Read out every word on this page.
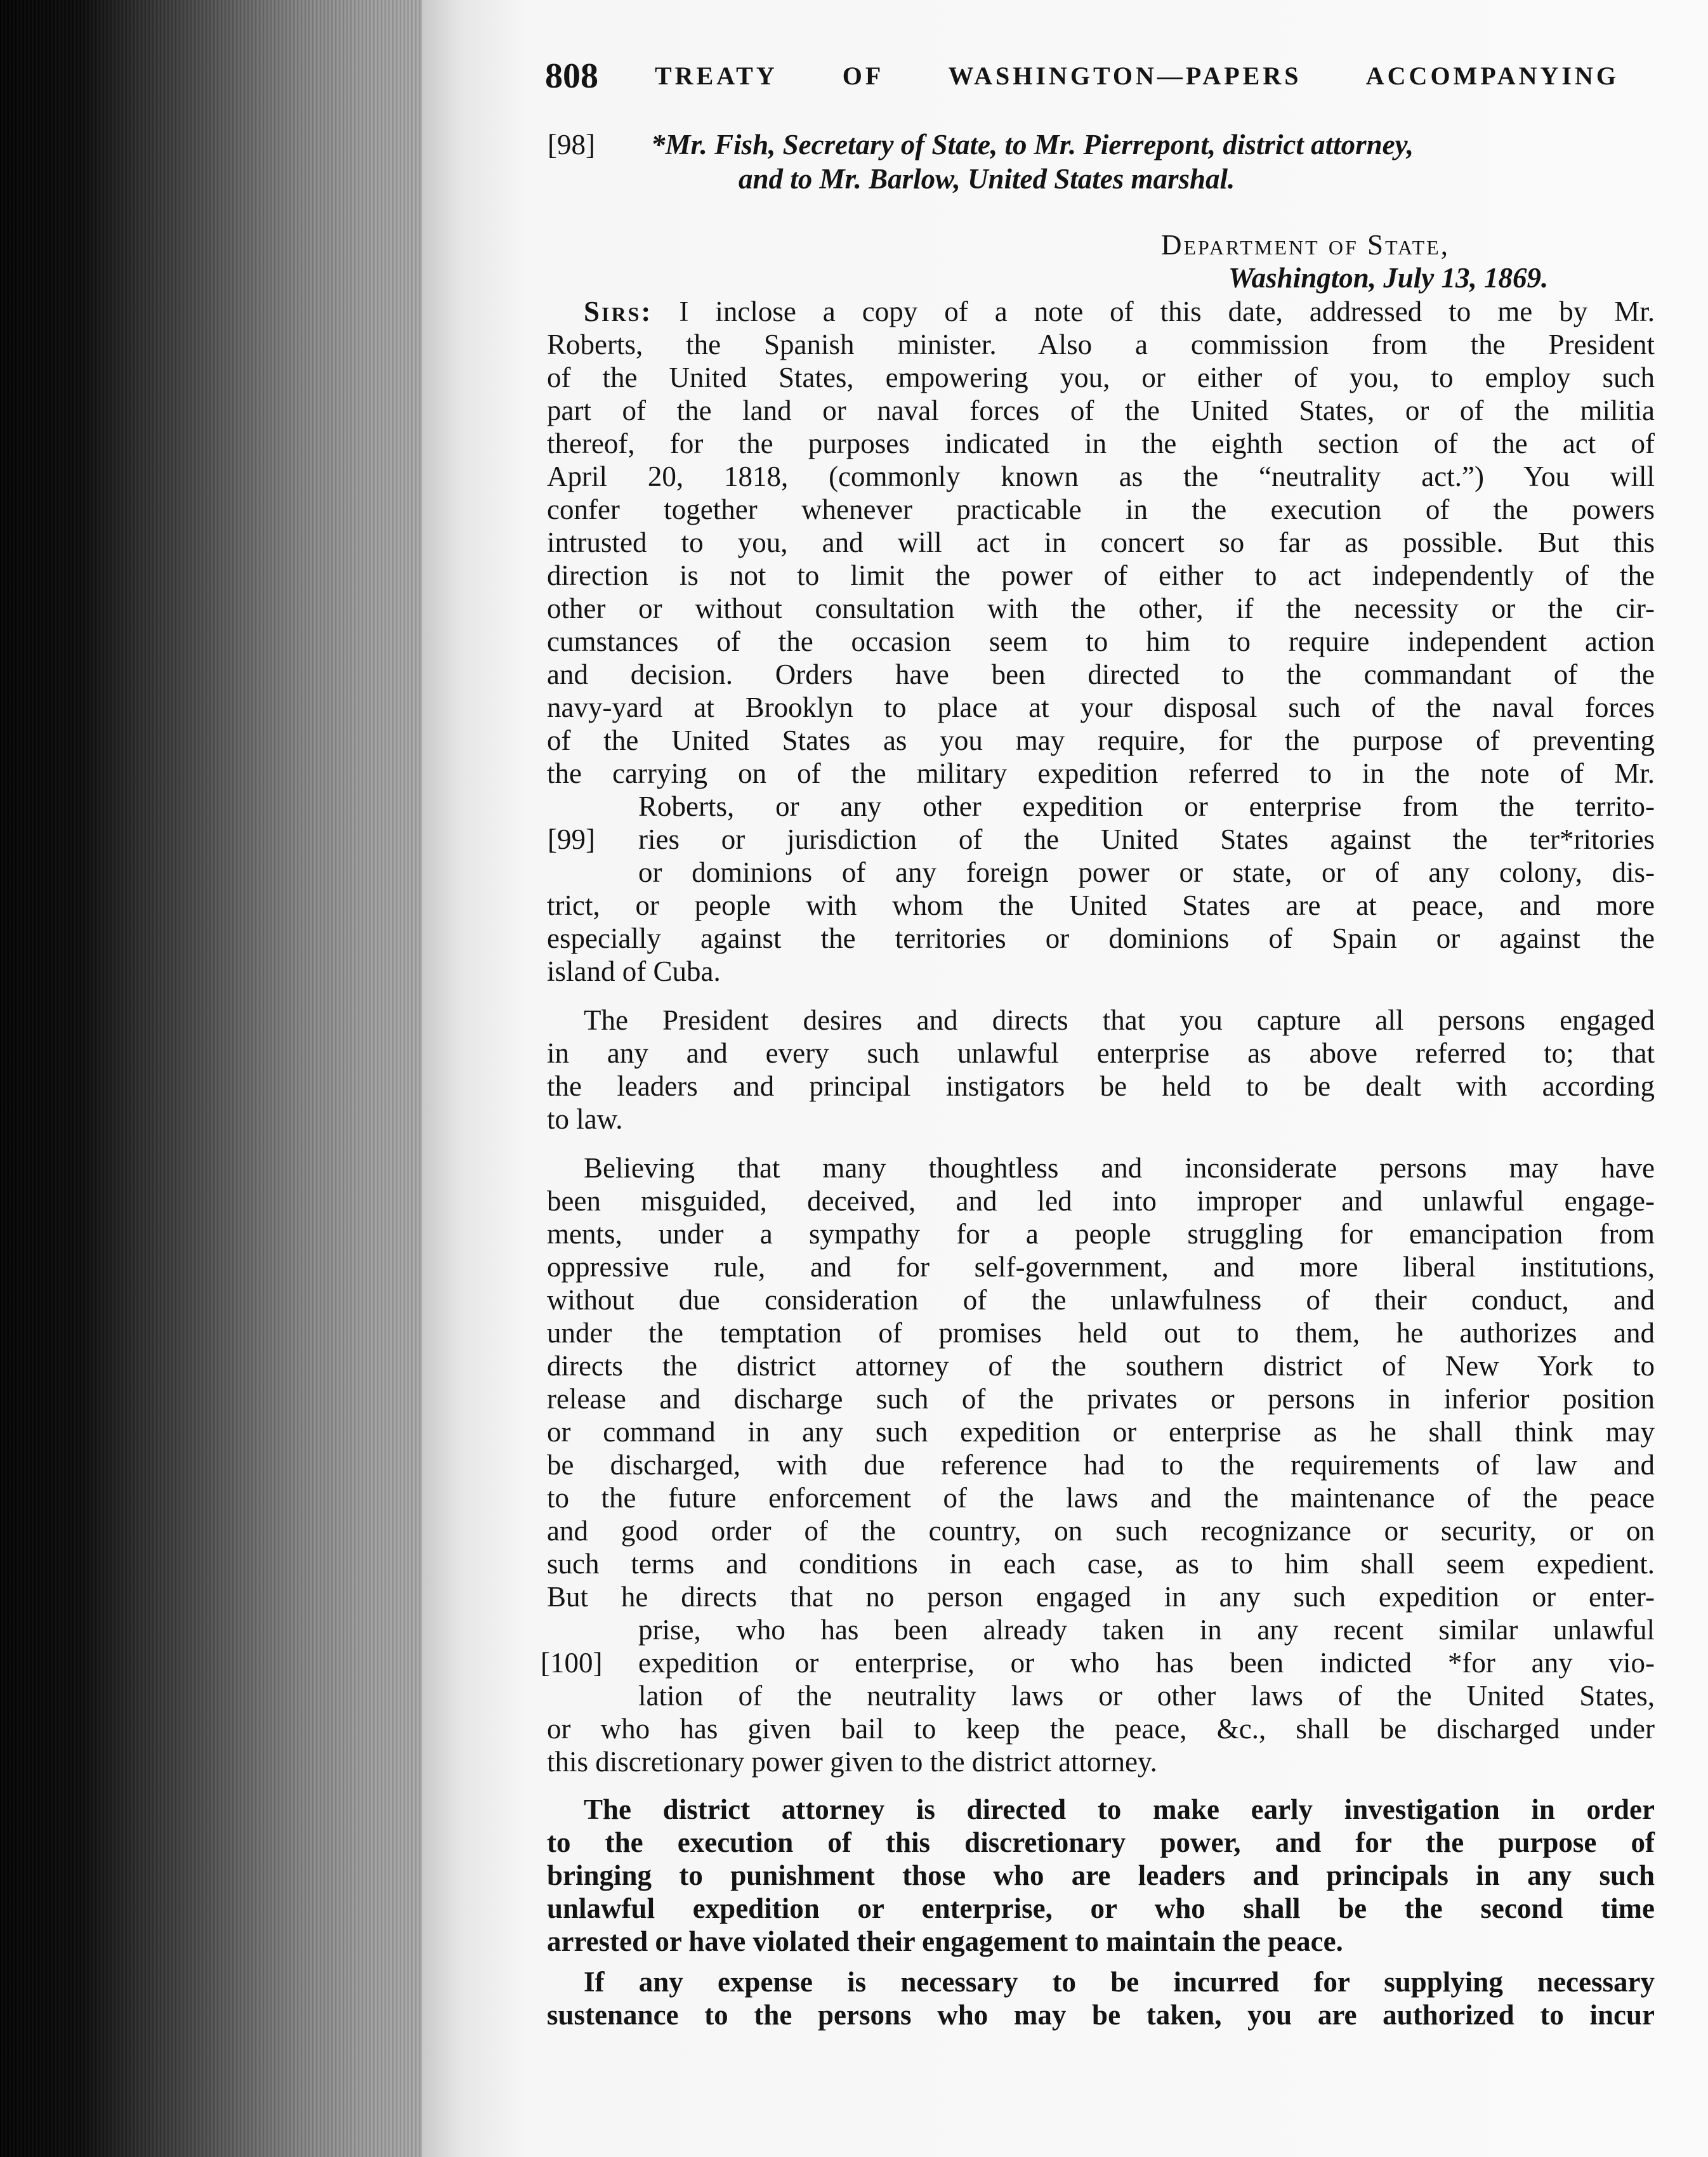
808 TREATY OF WASHINGTON—PAPERS ACCOMPANYING
[98] *Mr. Fish, Secretary of State, to Mr. Pierrepont, district attorney,
and to Mr. Barlow, United States marshal.
Department of State,
Washington, July 13, 1869.
Sirs: I inclose a copy of a note of this date, addressed to me by Mr.
Roberts, the Spanish minister. Also a commission from the President
of the United States, empowering you, or either of you, to employ such
part of the land or naval forces of the United States, or of the militia
thereof, for the purposes indicated in the eighth section of the act of
April 20, 1818, (commonly known as the “neutrality act.”) You will
confer together whenever practicable in the execution of the powers
intrusted to you, and will act in concert so far as possible. But this
direction is not to limit the power of either to act independently of the
other or without consultation with the other, if the necessity or the cir-
cumstances of the occasion seem to him to require independent action
and decision. Orders have been directed to the commandant of the
navy-yard at Brooklyn to place at your disposal such of the naval forces
of the United States as you may require, for the purpose of preventing
the carrying on of the military expedition referred to in the note of Mr.
Roberts, or any other expedition or enterprise from the territo-
[99] ries or jurisdiction of the United States against the ter*ritories
or dominions of any foreign power or state, or of any colony, dis-
trict, or people with whom the United States are at peace, and more
especially against the territories or dominions of Spain or against the
island of Cuba.
The President desires and directs that you capture all persons engaged
in any and every such unlawful enterprise as above referred to; that
the leaders and principal instigators be held to be dealt with according
to law.
Believing that many thoughtless and inconsiderate persons may have
been misguided, deceived, and led into improper and unlawful engage-
ments, under a sympathy for a people struggling for emancipation from
oppressive rule, and for self-government, and more liberal institutions,
without due consideration of the unlawfulness of their conduct, and
under the temptation of promises held out to them, he authorizes and
directs the district attorney of the southern district of New York to
release and discharge such of the privates or persons in inferior position
or command in any such expedition or enterprise as he shall think may
be discharged, with due reference had to the requirements of law and
to the future enforcement of the laws and the maintenance of the peace
and good order of the country, on such recognizance or security, or on
such terms and conditions in each case, as to him shall seem expedient.
But he directs that no person engaged in any such expedition or enter-
prise, who has been already taken in any recent similar unlawful
[100] expedition or enterprise, or who has been indicted *for any vio-
lation of the neutrality laws or other laws of the United States,
or who has given bail to keep the peace, &c., shall be discharged under
this discretionary power given to the district attorney.
The district attorney is directed to make early investigation in order
to the execution of this discretionary power, and for the purpose of
bringing to punishment those who are leaders and principals in any such
unlawful expedition or enterprise, or who shall be the second time
arrested or have violated their engagement to maintain the peace.
If any expense is necessary to be incurred for supplying necessary
sustenance to the persons who may be taken, you are authorized to incur
